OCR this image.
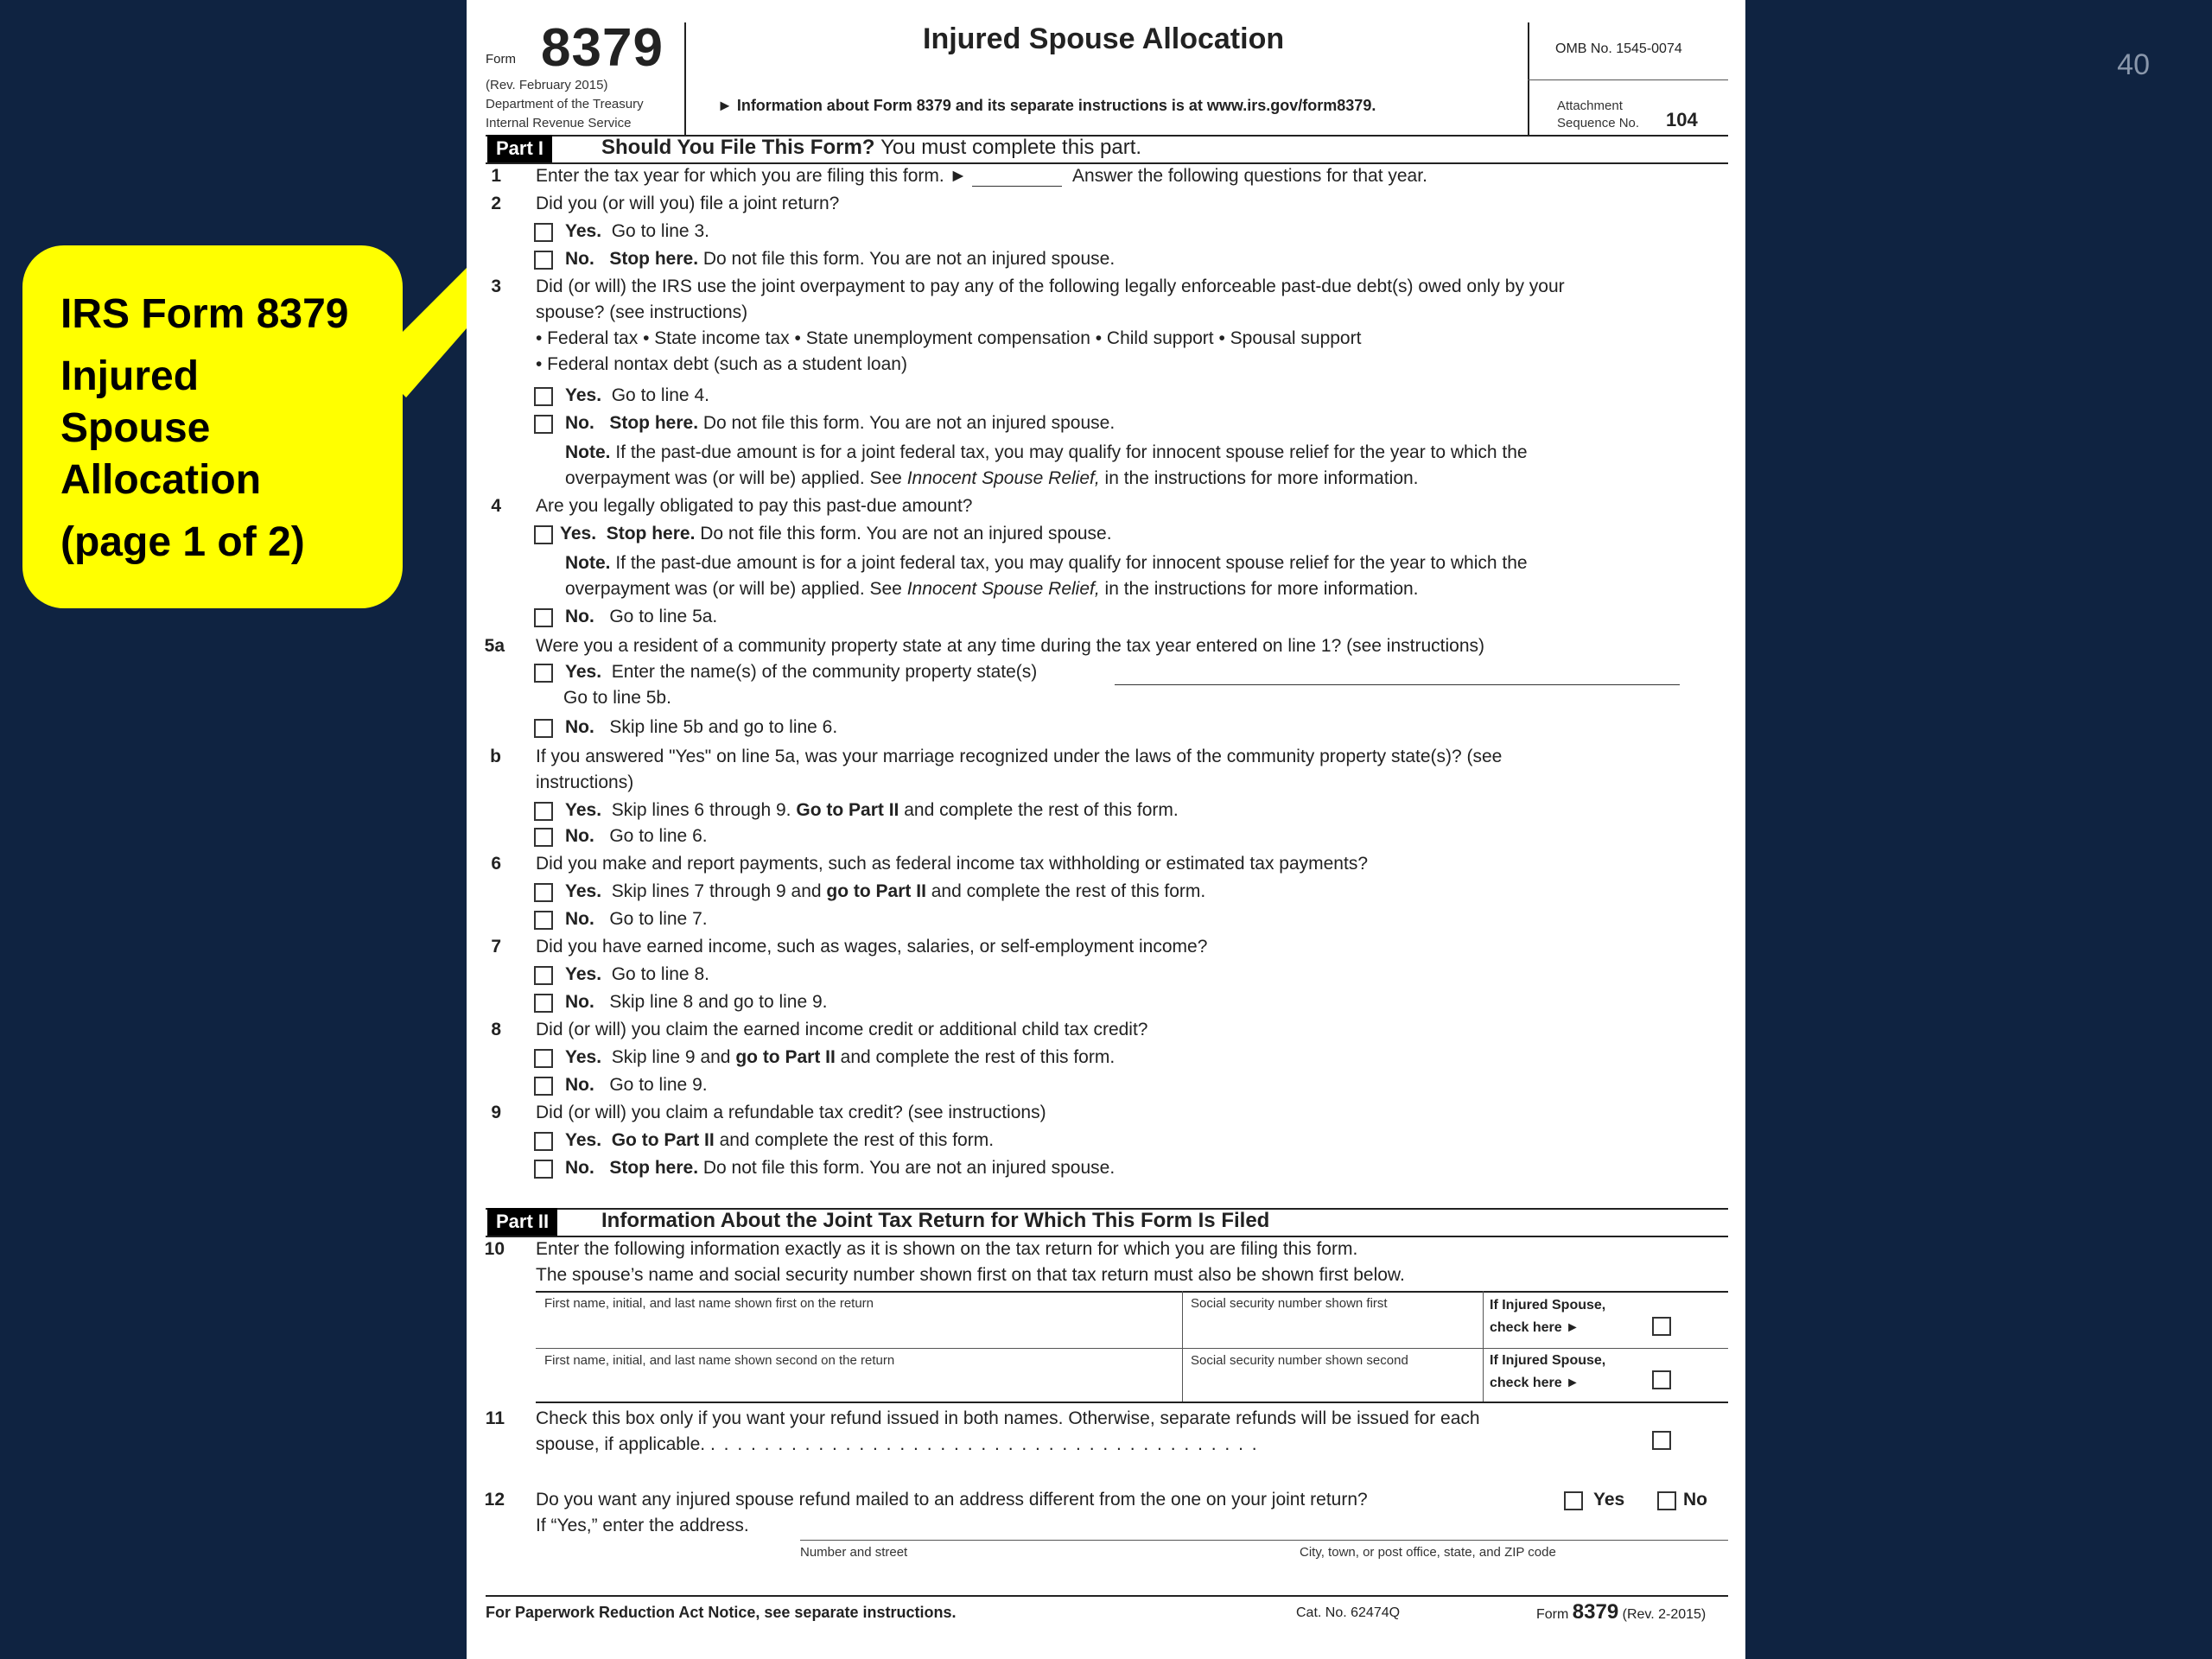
40
IRS Form 8379
Injured
Spouse
Allocation
(page 1 of 2)
Form 8379
(Rev. February 2015)
Department of the Treasury
Internal Revenue Service
Injured Spouse Allocation
► Information about Form 8379 and its separate instructions is at www.irs.gov/form8379.
OMB No. 1545-0074
Attachment
Sequence No. 104
Part I	Should You File This Form? You must complete this part.
1 Enter the tax year for which you are filing this form. ►	Answer the following questions for that year.
2 Did you (or will you) file a joint return?
Yes. Go to line 3.
No. Stop here. Do not file this form. You are not an injured spouse.
3 Did (or will) the IRS use the joint overpayment to pay any of the following legally enforceable past-due debt(s) owed only by your
spouse? (see instructions)
• Federal tax • State income tax • State unemployment compensation • Child support • Spousal support
• Federal nontax debt (such as a student loan)
Yes. Go to line 4.
No. Stop here. Do not file this form. You are not an injured spouse.
Note. If the past-due amount is for a joint federal tax, you may qualify for innocent spouse relief for the year to which the
overpayment was (or will be) applied. See Innocent Spouse Relief, in the instructions for more information.
4 Are you legally obligated to pay this past-due amount?
Yes. Stop here. Do not file this form. You are not an injured spouse.
Note. If the past-due amount is for a joint federal tax, you may qualify for innocent spouse relief for the year to which the
overpayment was (or will be) applied. See Innocent Spouse Relief, in the instructions for more information.
No. Go to line 5a.
5a Were you a resident of a community property state at any time during the tax year entered on line 1? (see instructions)
Yes. Enter the name(s) of the community property state(s)
Go to line 5b.
No. Skip line 5b and go to line 6.
b If you answered "Yes" on line 5a, was your marriage recognized under the laws of the community property state(s)? (see
instructions)
Yes. Skip lines 6 through 9. Go to Part II and complete the rest of this form.
No. Go to line 6.
6 Did you make and report payments, such as federal income tax withholding or estimated tax payments?
Yes. Skip lines 7 through 9 and go to Part II and complete the rest of this form.
No. Go to line 7.
7 Did you have earned income, such as wages, salaries, or self-employment income?
Yes. Go to line 8.
No. Skip line 8 and go to line 9.
8 Did (or will) you claim the earned income credit or additional child tax credit?
Yes. Skip line 9 and go to Part II and complete the rest of this form.
No. Go to line 9.
9 Did (or will) you claim a refundable tax credit? (see instructions)
Yes. Go to Part II and complete the rest of this form.
No. Stop here. Do not file this form. You are not an injured spouse.
Part II	Information About the Joint Tax Return for Which This Form Is Filed
10 Enter the following information exactly as it is shown on the tax return for which you are filing this form.
The spouse’s name and social security number shown first on that tax return must also be shown first below.
First name, initial, and last name shown first on the return	Social security number shown first	If Injured Spouse,
check here ►
First name, initial, and last name shown second on the return	Social security number shown second	If Injured Spouse,
check here ►
11 Check this box only if you want your refund issued in both names. Otherwise, separate refunds will be issued for each
spouse, if applicable. . . . . . . . . . . . . . . . . . . . . . . . . . . . . . . . . . . . . . . . . .
12 Do you want any injured spouse refund mailed to an address different from the one on your joint return?
If “Yes,” enter the address.
Yes	No
Number and street	City, town, or post office, state, and ZIP code
For Paperwork Reduction Act Notice, see separate instructions.	Cat. No. 62474Q	Form 8379 (Rev. 2-2015)
